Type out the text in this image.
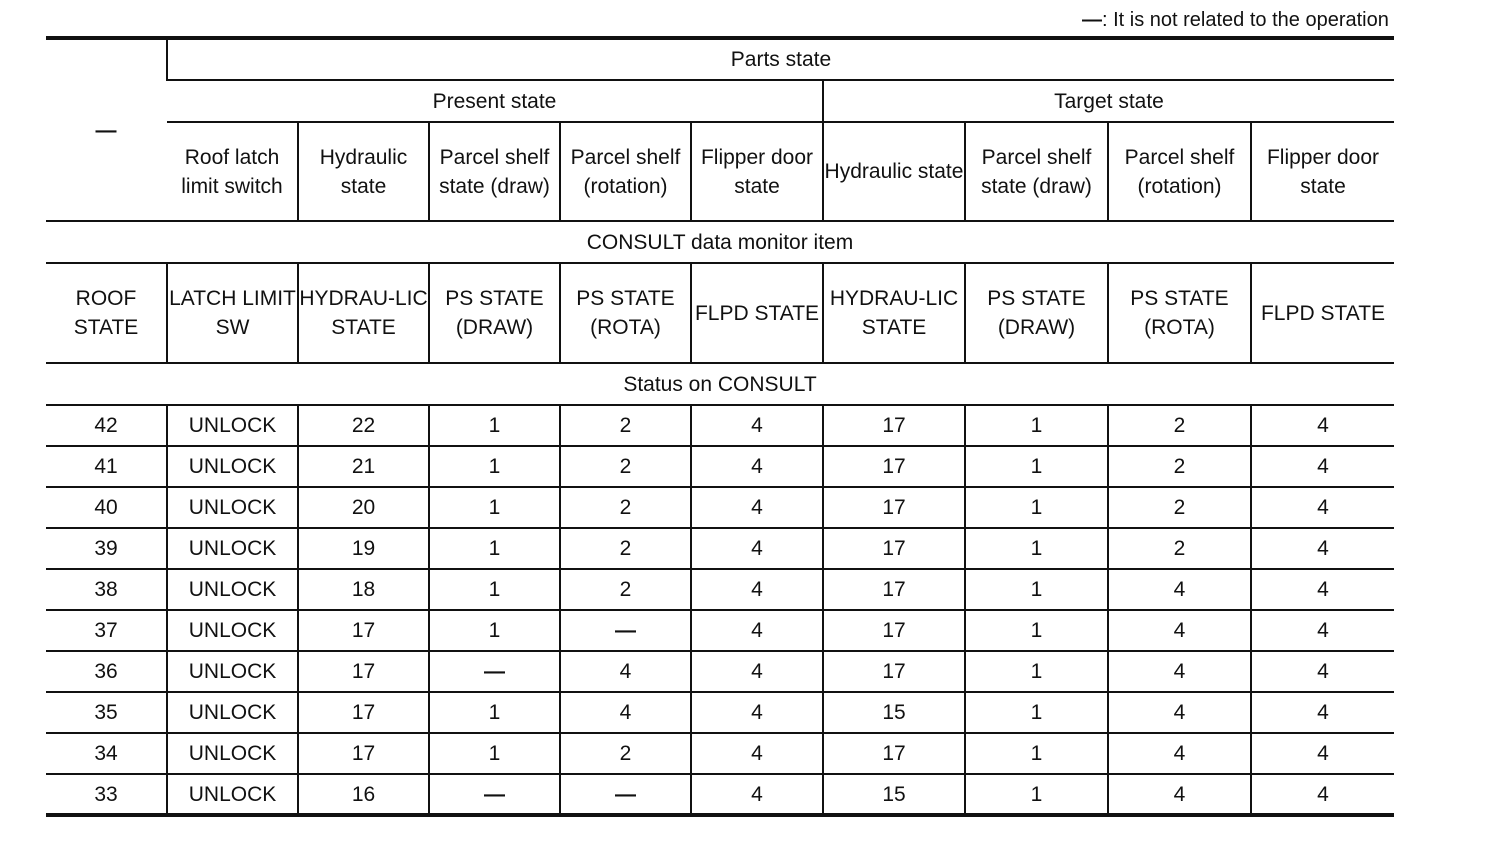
—: It is not related to the operation
—	Parts state								
	Present state					Target state			
	Roof latch limit switch	Hydraulic state	Parcel shelf state (draw)	Parcel shelf (rotation)	Flipper door state	Hydraulic state	Parcel shelf state (draw)	Parcel shelf (rotation)	Flipper door state
CONSULT data monitor item									
ROOF STATE	LATCH LIMIT SW	HYDRAU-LIC STATE	PS STATE (DRAW)	PS STATE (ROTA)	FLPD STATE	HYDRAU-LIC STATE	PS STATE (DRAW)	PS STATE (ROTA)	FLPD STATE
Status on CONSULT									
42	UNLOCK	22	1	2	4	17	1	2	4
41	UNLOCK	21	1	2	4	17	1	2	4
40	UNLOCK	20	1	2	4	17	1	2	4
39	UNLOCK	19	1	2	4	17	1	2	4
38	UNLOCK	18	1	2	4	17	1	4	4
37	UNLOCK	17	1	—	4	17	1	4	4
36	UNLOCK	17	—	4	4	17	1	4	4
35	UNLOCK	17	1	4	4	15	1	4	4
34	UNLOCK	17	1	2	4	17	1	4	4
33	UNLOCK	16	—	—	4	15	1	4	4
